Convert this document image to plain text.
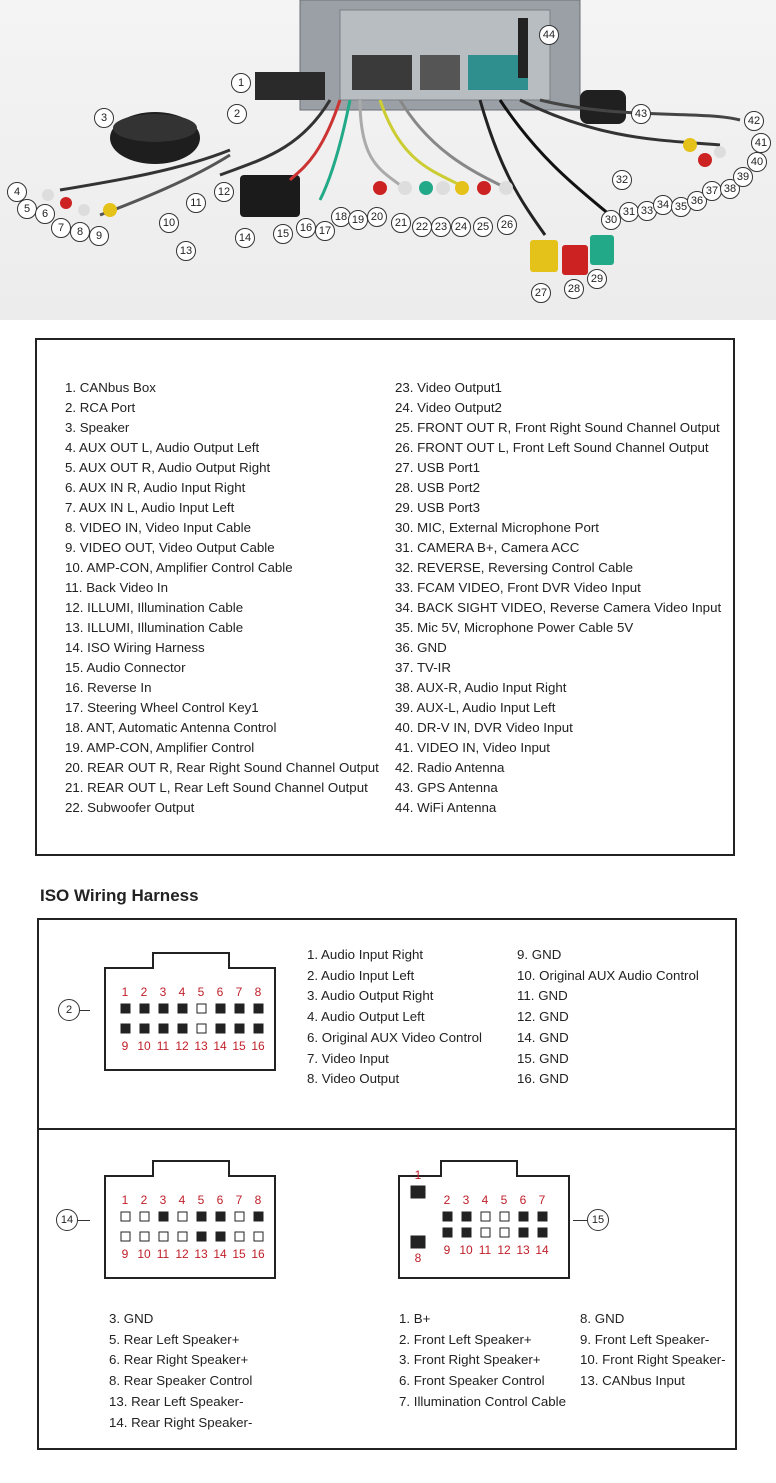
1
2
3
4
5	6
7	8	9
10
11
12
13
14	15 16 17
18 19 20	21 22 23 24 25	26
27	28
29
30
31
32
33 34 35 36
37 38
39
40
41
42
43
44
1. CANbus Box
2. RCA Port
3. Speaker
4. AUX OUT L, Audio Output Left
5. AUX OUT R, Audio Output Right
6. AUX IN R, Audio Input Right
7. AUX IN L, Audio Input Left
8. VIDEO IN, Video Input Cable
9. VIDEO OUT, Video Output Cable
10. AMP-CON, Amplifier Control Cable
11. Back Video In
12. ILLUMI, Illumination Cable
13. ILLUMI, Illumination Cable
14. ISO Wiring Harness
15. Audio Connector
16. Reverse In
17. Steering Wheel Control Key1
18. ANT, Automatic Antenna Control
19. AMP-CON, Amplifier Control
20. REAR OUT R, Rear Right Sound Channel Output
21. REAR OUT L, Rear Left Sound Channel Output
22. Subwoofer Output
23. Video Output1
24. Video Output2
25. FRONT OUT R, Front Right Sound Channel Output
26. FRONT OUT L, Front Left Sound Channel Output
27. USB Port1
28. USB Port2
29. USB Port3
30. MIC, External Microphone Port
31. CAMERA B+, Camera ACC
32. REVERSE, Reversing Control Cable
33. FCAM VIDEO, Front DVR Video Input
34. BACK SIGHT VIDEO, Reverse Camera Video Input
35. Mic 5V, Microphone Power Cable 5V
36. GND
37. TV-IR
38. AUX-R, Audio Input Right
39. AUX-L, Audio Input Left
40. DR-V IN, DVR Video Input
41. VIDEO IN, Video Input
42. Radio Antenna
43. GPS Antenna
44. WiFi Antenna
ISO Wiring Harness
2
1 2 3 4 5 6 7 8
9 10 11 12 13 14 15 16
1. Audio Input Right
2. Audio Input Left
3. Audio Output Right
4. Audio Output Left
6. Original AUX Video Control
7. Video Input
8. Video Output
9. GND
10. Original AUX Audio Control
11. GND
12. GND
14. GND
15. GND
16. GND
14
1 2 3 4 5 6 7 8
9 10 11 12 13 14 15 16
3. GND
5. Rear Left Speaker+
6. Rear Right Speaker+
8. Rear Speaker Control
13. Rear Left Speaker-
14. Rear Right Speaker-
1
8
2
9
3
10
4
11
5
12
6
13
7
14
15
1. B+
2. Front Left Speaker+
3. Front Right Speaker+
6. Front Speaker Control
7. Illumination Control Cable
8. GND
9. Front Left Speaker-
10. Front Right Speaker-
13. CANbus Input
